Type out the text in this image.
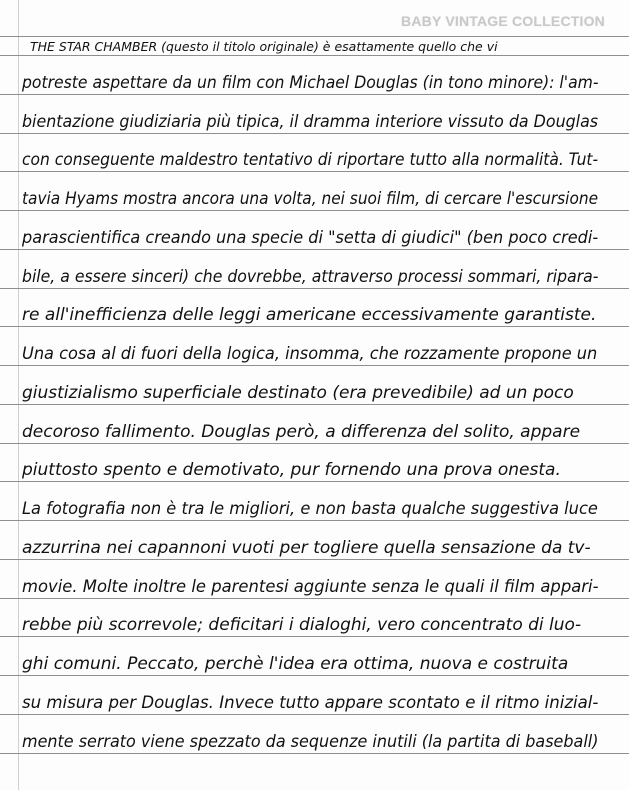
BABY VINTAGE COLLECTION
THE STAR CHAMBER (questo il titolo originale) è esattamente quello che vi
potreste aspettare da un film con Michael Douglas (in tono minore): l'am-
bientazione giudiziaria più tipica, il dramma interiore vissuto da Douglas
con conseguente maldestro tentativo di riportare tutto alla normalità. Tut-
tavia Hyams mostra ancora una volta, nei suoi film, di cercare l'escursione
parascientifica creando una specie di "setta di giudici" (ben poco credi-
bile, a essere sinceri) che dovrebbe, attraverso processi sommari, ripara-
re all'inefficienza delle leggi americane eccessivamente garantiste.
Una cosa al di fuori della logica, insomma, che rozzamente propone un
giustizialismo superficiale destinato (era prevedibile) ad un poco
decoroso fallimento. Douglas però, a differenza del solito, appare
piuttosto spento e demotivato, pur fornendo una prova onesta.
La fotografia non è tra le migliori, e non basta qualche suggestiva luce
azzurrina nei capannoni vuoti per togliere quella sensazione da tv-
movie. Molte inoltre le parentesi aggiunte senza le quali il film appari-
rebbe più scorrevole; deficitari i dialoghi, vero concentrato di luo-
ghi comuni. Peccato, perchè l'idea era ottima, nuova e costruita
su misura per Douglas. Invece tutto appare scontato e il ritmo inizial-
mente serrato viene spezzato da sequenze inutili (la partita di baseball)
